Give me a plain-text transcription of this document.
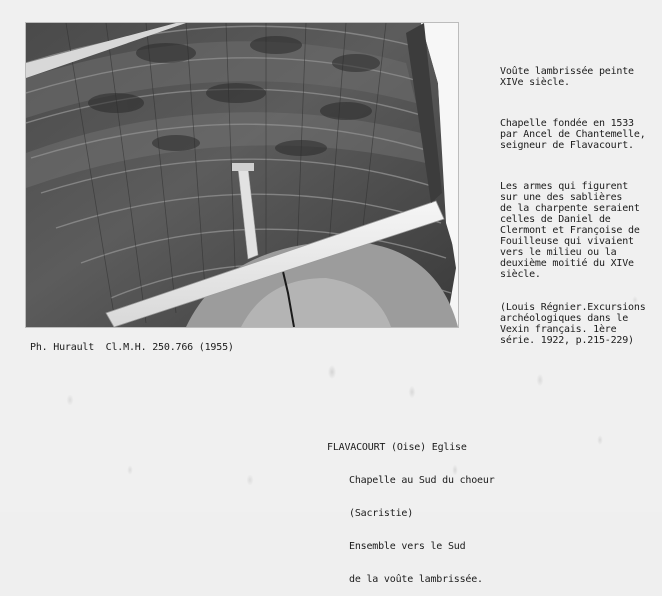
Voûte lambrissée peinte
XIVe siècle.

Chapelle fondée en 1533
par Ancel de Chantemelle,
seigneur de Flavacourt.

Les armes qui figurent
sur une des sablières
de la charpente seraient
celles de Daniel de
Clermont et Françoise de
Fouilleuse qui vivaient
vers le milieu ou la
deuxième moitié du XIVe
siècle.

(Louis Régnier.Excursions
archéologiques dans le
Vexin français. 1ère
série. 1922, p.215-229)

Ph. Hurault  Cl.M.H. 250.766 (1955)

FLAVACOURT (Oise) Eglise

Chapelle au Sud du choeur

(Sacristie)

Ensemble vers le Sud

de la voûte lambrissée.
